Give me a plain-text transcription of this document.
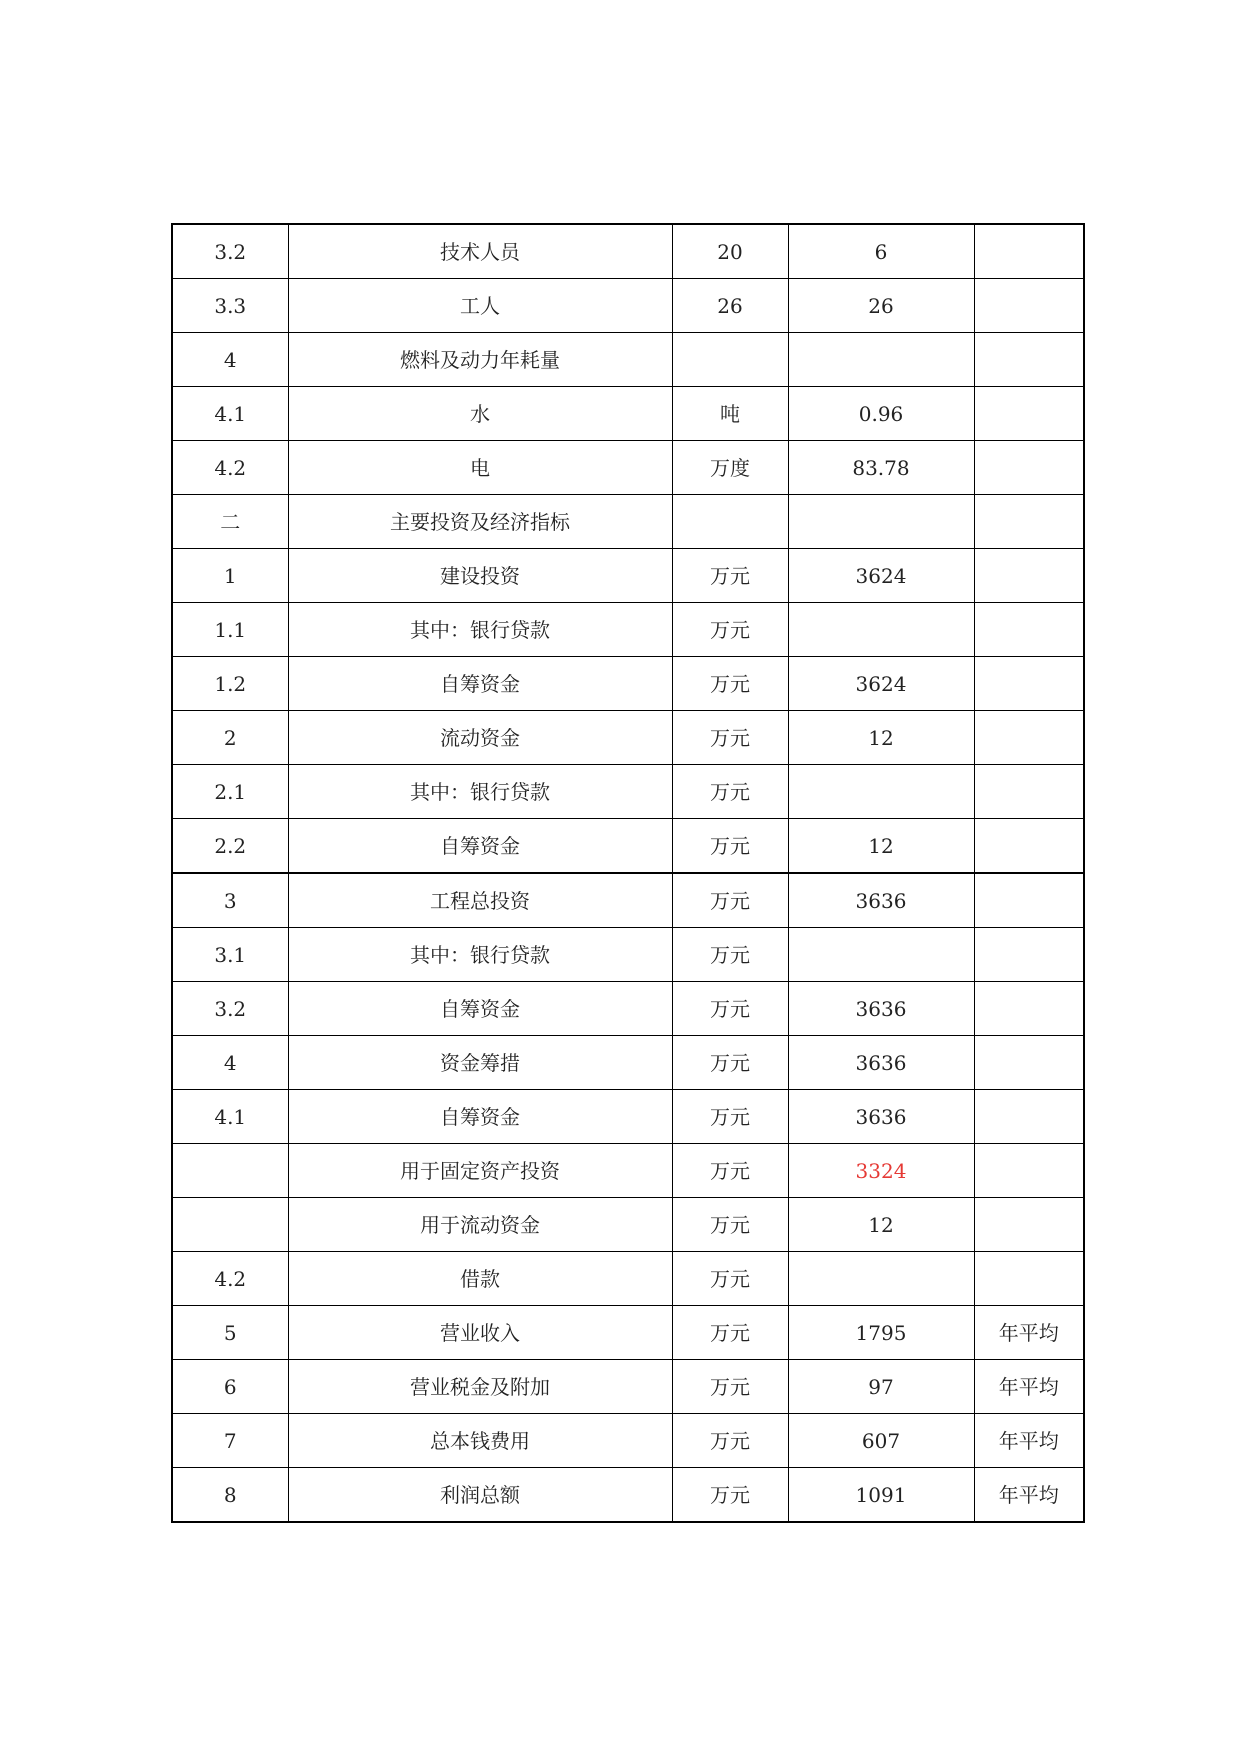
3.2	技术人员	20	6	
3.3	工人	26	26	
4	燃料及动力年耗量			
4.1	水	吨	0.96	
4.2	电	万度	83.78	
二	主要投资及经济指标			
1	建设投资	万元	3624	
1.1	其中：银行贷款	万元		
1.2	自筹资金	万元	3624	
2	流动资金	万元	12	
2.1	其中：银行贷款	万元		
2.2	自筹资金	万元	12	
3	工程总投资	万元	3636	
3.1	其中：银行贷款	万元		
3.2	自筹资金	万元	3636	
4	资金筹措	万元	3636	
4.1	自筹资金	万元	3636	
	用于固定资产投资	万元	3324	
	用于流动资金	万元	12	
4.2	借款	万元		
5	营业收入	万元	1795	年平均
6	营业税金及附加	万元	97	年平均
7	总本钱费用	万元	607	年平均
8	利润总额	万元	1091	年平均
